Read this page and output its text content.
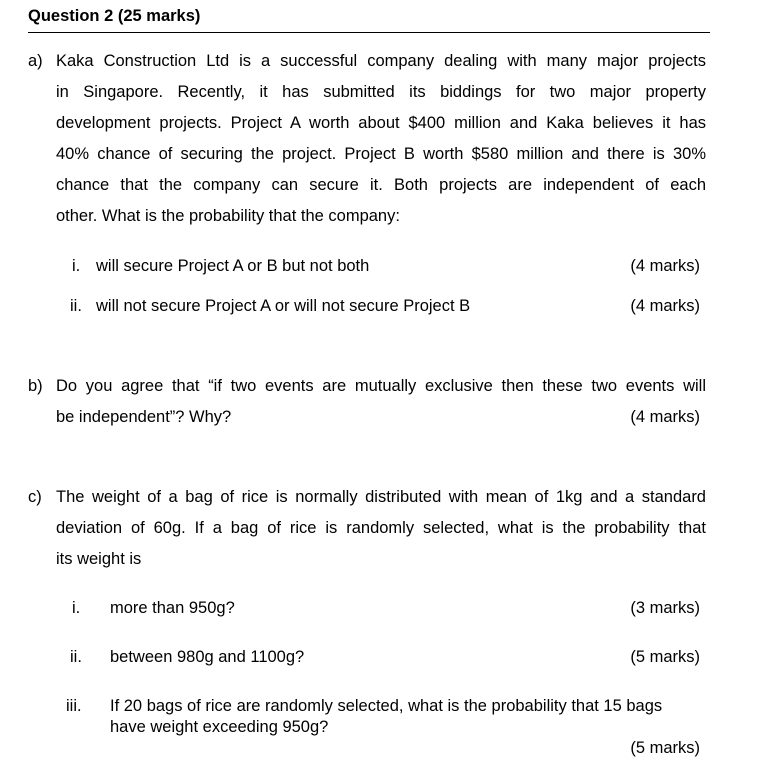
Question 2 (25 marks)
a) Kaka Construction Ltd is a successful company dealing with many major projects
in Singapore. Recently, it has submitted its biddings for two major property
development projects. Project A worth about $400 million and Kaka believes it has
40% chance of securing the project. Project B worth $580 million and there is 30%
chance that the company can secure it. Both projects are independent of each
other. What is the probability that the company:
i. will secure Project A or B but not both	(4 marks)
ii. will not secure Project A or will not secure Project B	(4 marks)
b) Do you agree that “if two events are mutually exclusive then these two events will
be independent”? Why?	(4 marks)
c) The weight of a bag of rice is normally distributed with mean of 1kg and a standard
deviation of 60g. If a bag of rice is randomly selected, what is the probability that
its weight is
i. more than 950g?	(3 marks)
ii. between 980g and 1100g?	(5 marks)
iii. If 20 bags of rice are randomly selected, what is the probability that 15 bags
have weight exceeding 950g?
(5 marks)
